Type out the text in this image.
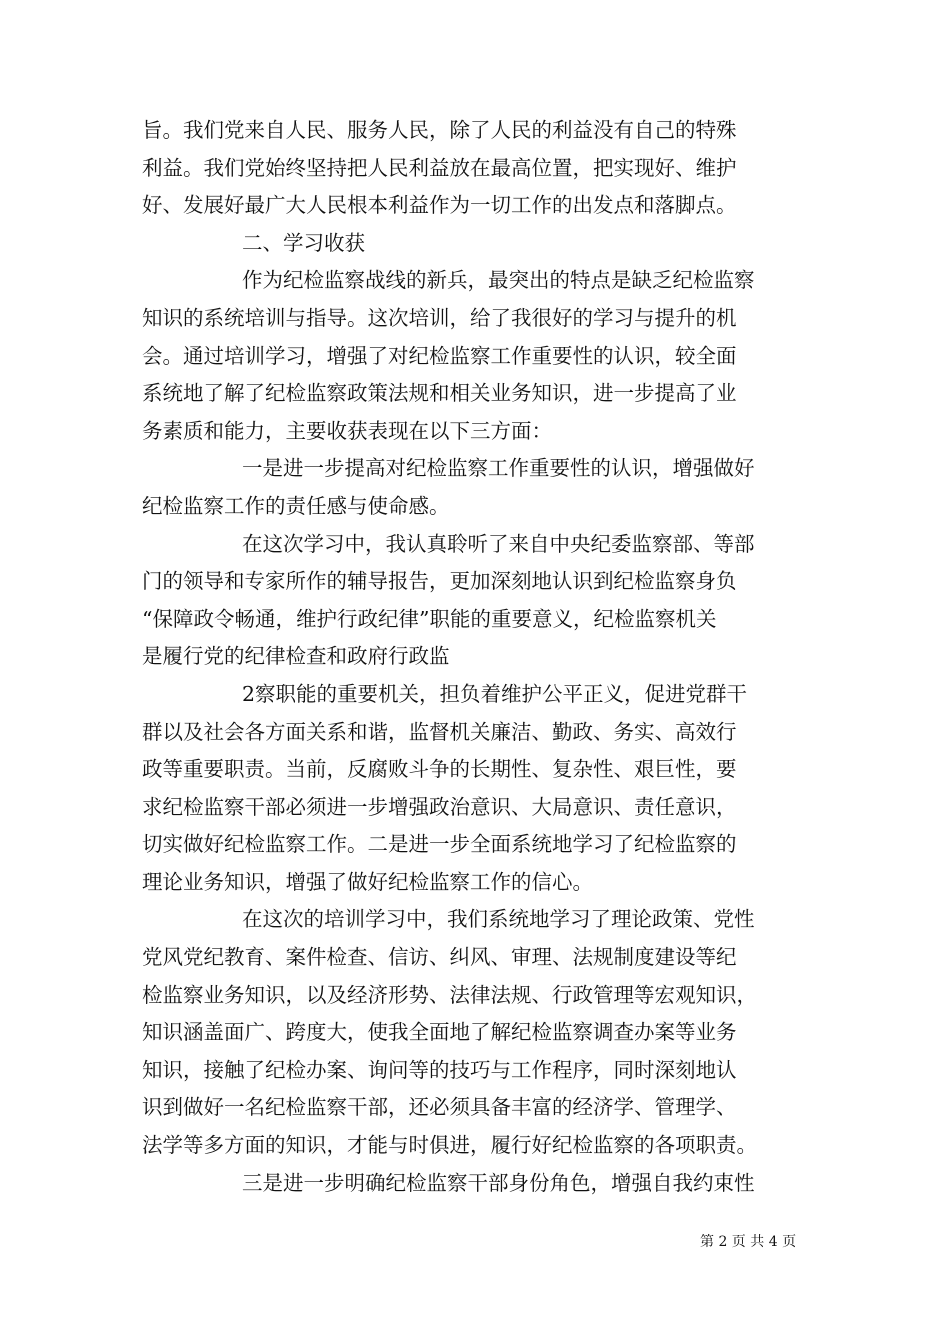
旨。我们党来自人民、服务人民，除了人民的利益没有自己的特殊
利益。我们党始终坚持把人民利益放在最高位置，把实现好、维护
好、发展好最广大人民根本利益作为一切工作的出发点和落脚点。
二、学习收获
作为纪检监察战线的新兵，最突出的特点是缺乏纪检监察
知识的系统培训与指导。这次培训，给了我很好的学习与提升的机
会。通过培训学习，增强了对纪检监察工作重要性的认识，较全面
系统地了解了纪检监察政策法规和相关业务知识，进一步提高了业
务素质和能力，主要收获表现在以下三方面：
一是进一步提高对纪检监察工作重要性的认识，增强做好
纪检监察工作的责任感与使命感。
在这次学习中，我认真聆听了来自中央纪委监察部、等部
门的领导和专家所作的辅导报告，更加深刻地认识到纪检监察身负
“保障政令畅通，维护行政纪律”职能的重要意义，纪检监察机关
是履行党的纪律检查和政府行政监
2察职能的重要机关，担负着维护公平正义，促进党群干
群以及社会各方面关系和谐，监督机关廉洁、勤政、务实、高效行
政等重要职责。当前，反腐败斗争的长期性、复杂性、艰巨性，要
求纪检监察干部必须进一步增强政治意识、大局意识、责任意识，
切实做好纪检监察工作。二是进一步全面系统地学习了纪检监察的
理论业务知识，增强了做好纪检监察工作的信心。
在这次的培训学习中，我们系统地学习了理论政策、党性
党风党纪教育、案件检查、信访、纠风、审理、法规制度建设等纪
检监察业务知识，以及经济形势、法律法规、行政管理等宏观知识，
知识涵盖面广、跨度大，使我全面地了解纪检监察调查办案等业务
知识，接触了纪检办案、询问等的技巧与工作程序，同时深刻地认
识到做好一名纪检监察干部，还必须具备丰富的经济学、管理学、
法学等多方面的知识，才能与时俱进，履行好纪检监察的各项职责。
三是进一步明确纪检监察干部身份角色，增强自我约束性
第 2 页 共 4 页
